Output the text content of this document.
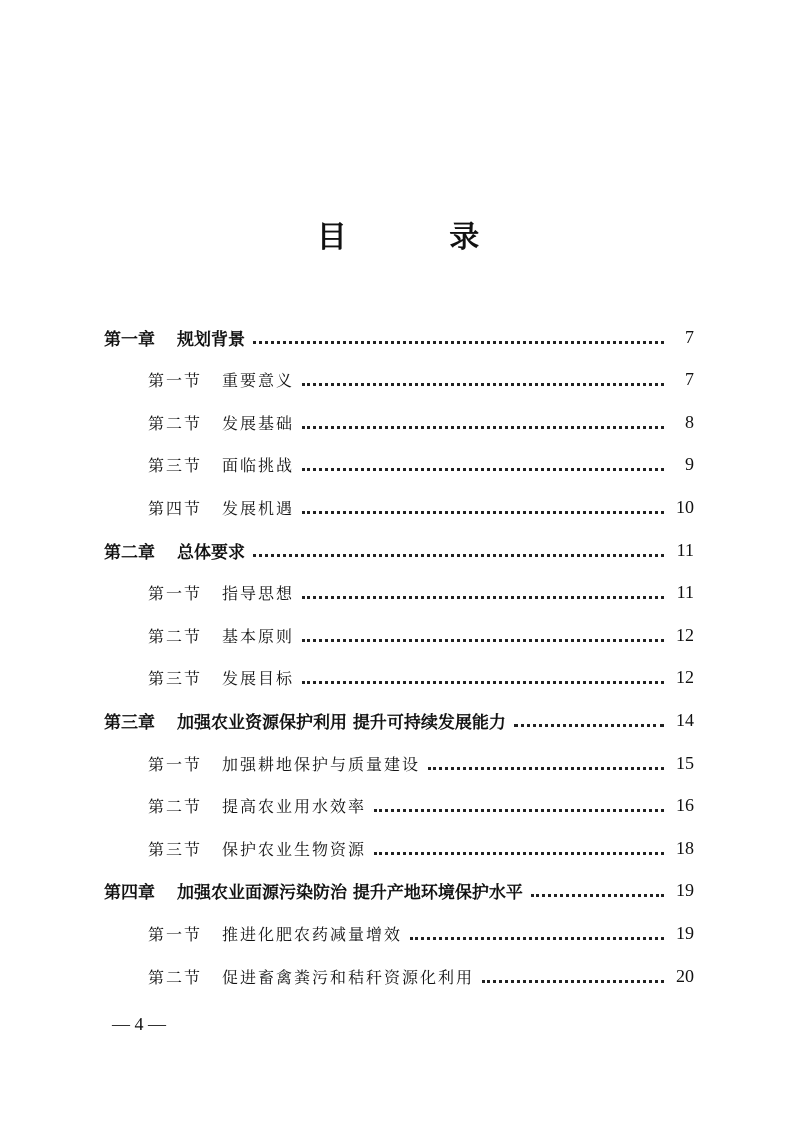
目 录
第一章 规划背景	7
第一节 重要意义	7
第二节 发展基础	8
第三节 面临挑战	9
第四节 发展机遇	10
第二章 总体要求	11
第一节 指导思想	11
第二节 基本原则	12
第三节 发展目标	12
第三章 加强农业资源保护利用 提升可持续发展能力	14
第一节 加强耕地保护与质量建设	15
第二节 提高农业用水效率	16
第三节 保护农业生物资源	18
第四章 加强农业面源污染防治 提升产地环境保护水平	19
第一节 推进化肥农药减量增效	19
第二节 促进畜禽粪污和秸秆资源化利用	20
— 4 —
